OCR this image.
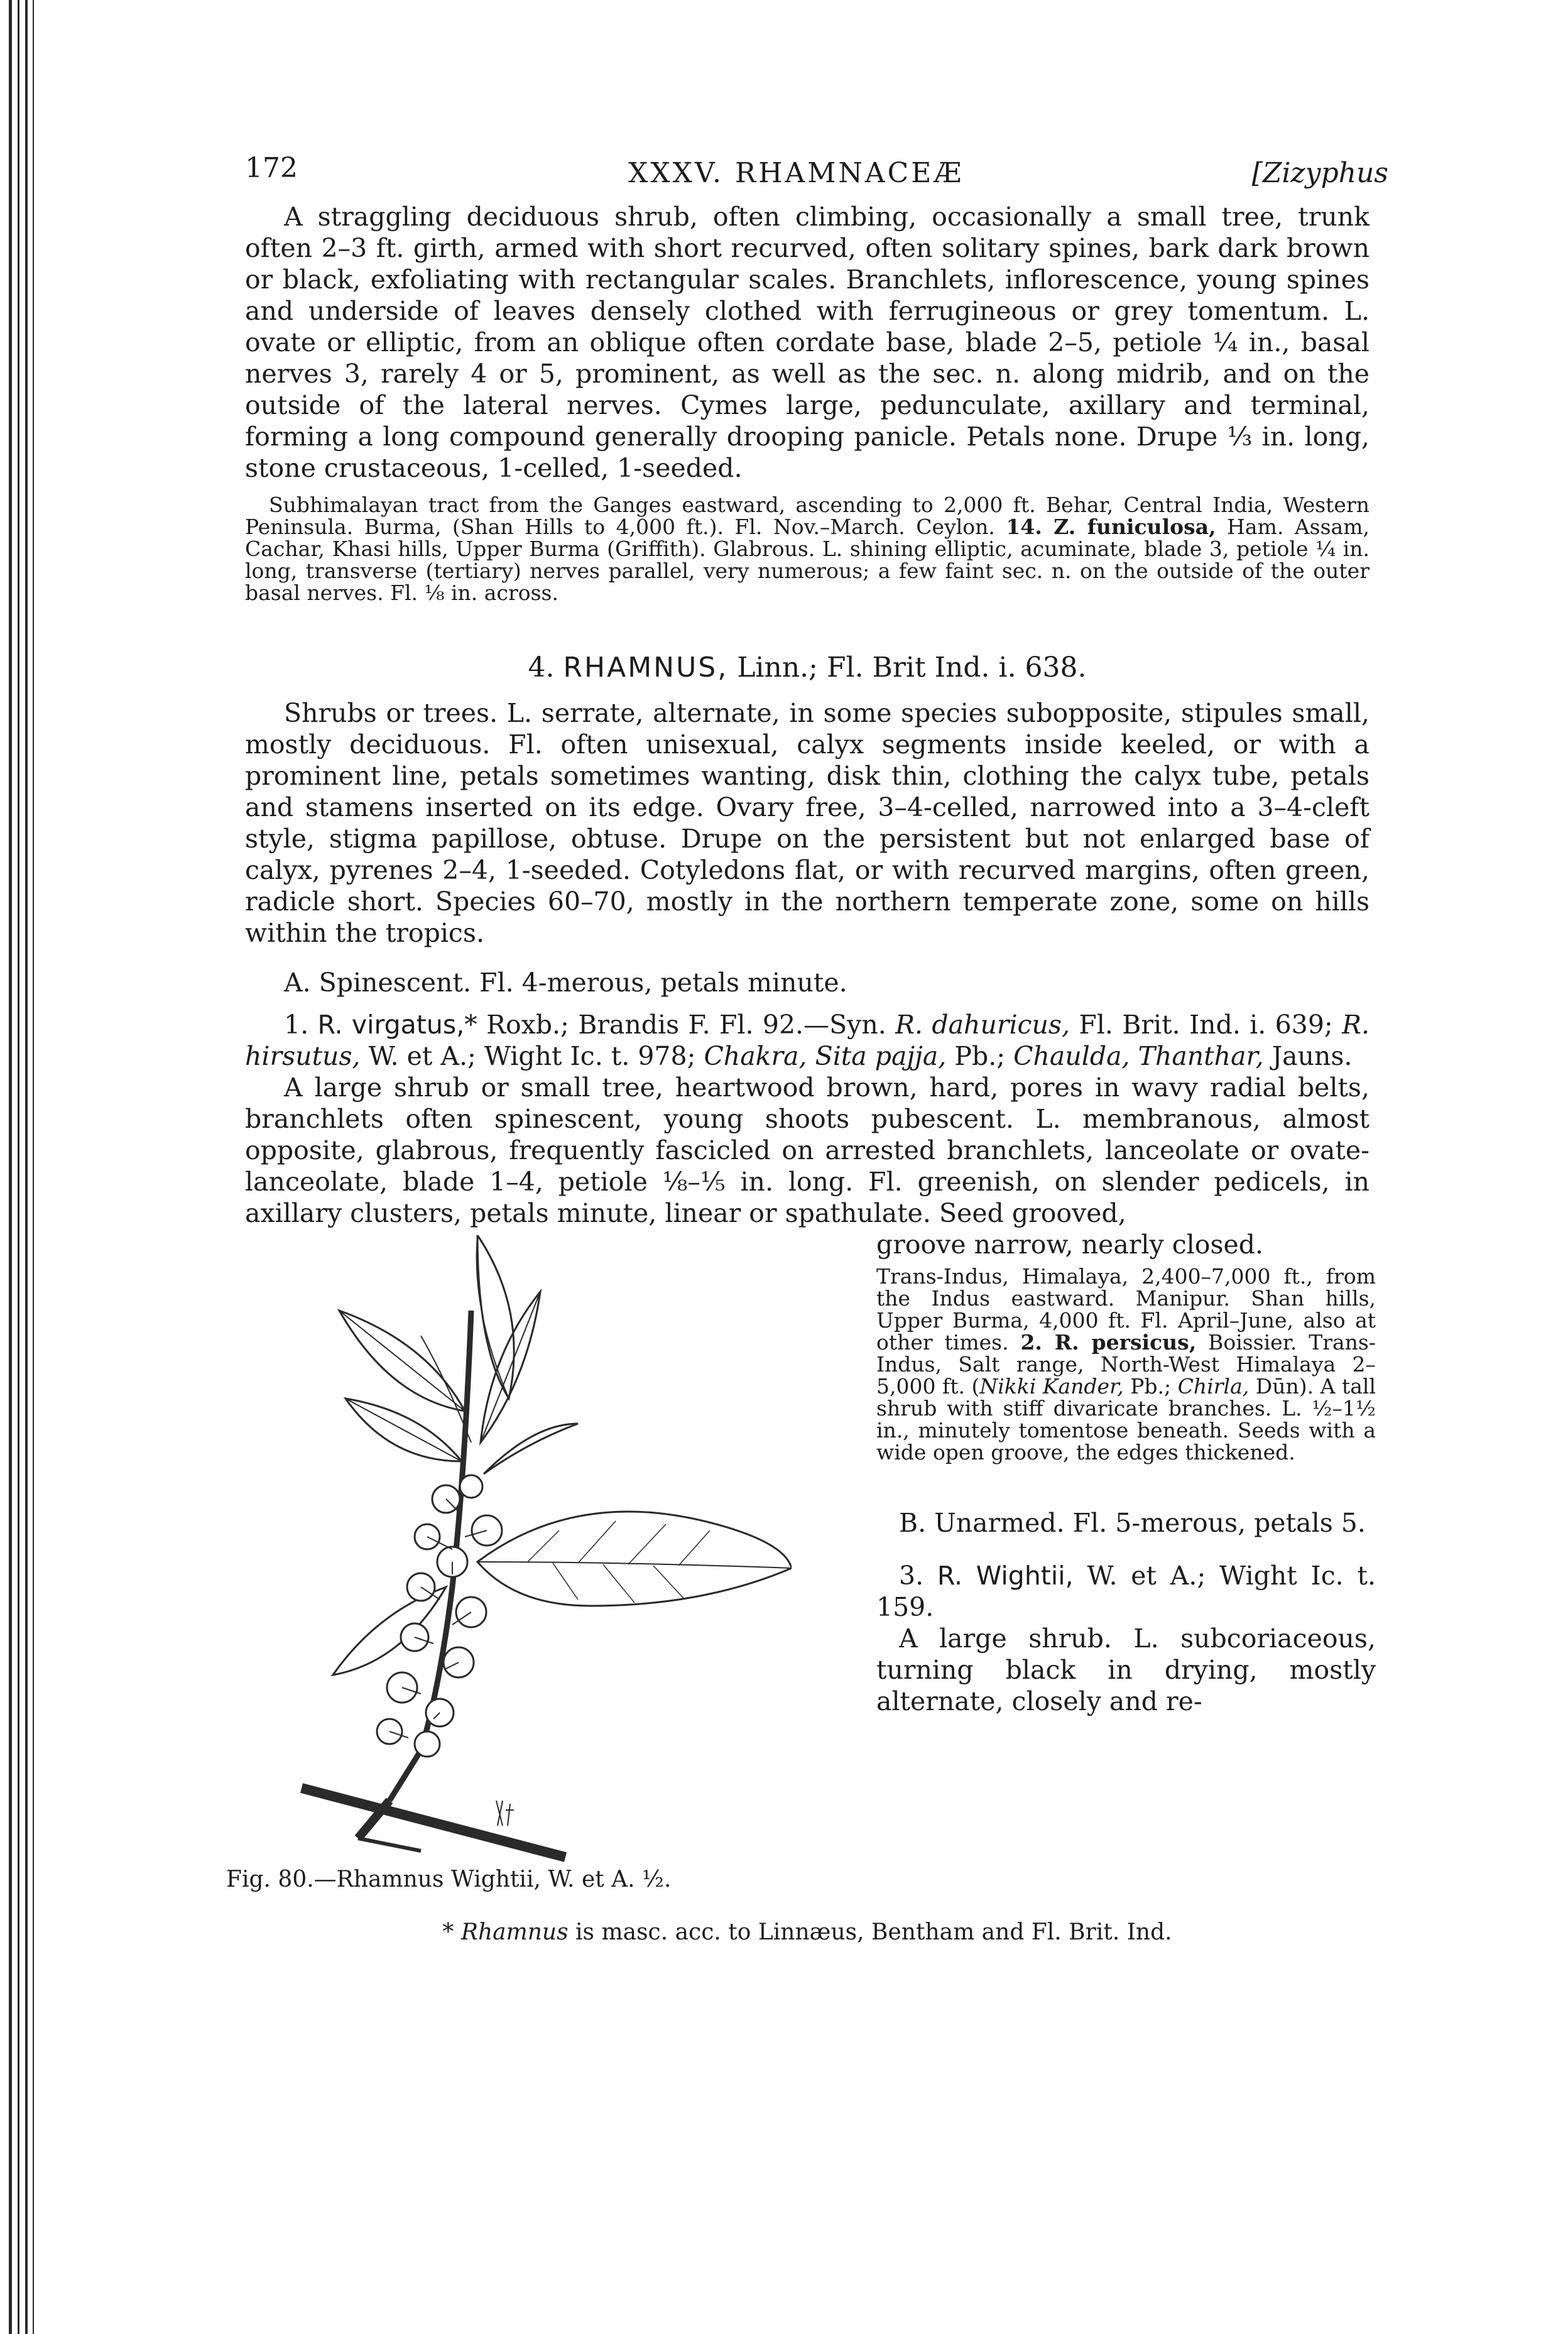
172	XXXV. RHAMNACEÆ	[Zizyphus

A straggling deciduous shrub, often climbing, occasionally a small tree, trunk often 2–3 ft. girth, armed with short recurved, often solitary spines, bark dark brown or black, exfoliating with rectangular scales. Branchlets, inflorescence, young spines and underside of leaves densely clothed with ferrugineous or grey tomentum. L. ovate or elliptic, from an oblique often cordate base, blade 2–5, petiole ¼ in., basal nerves 3, rarely 4 or 5, prominent, as well as the sec. n. along midrib, and on the outside of the lateral nerves. Cymes large, pedunculate, axillary and terminal, forming a long compound generally drooping panicle. Petals none. Drupe ⅓ in. long, stone crustaceous, 1-celled, 1-seeded.

Subhimalayan tract from the Ganges eastward, ascending to 2,000 ft. Behar, Central India, Western Peninsula. Burma, (Shan Hills to 4,000 ft.). Fl. Nov.–March. Ceylon. 14. Z. funiculosa, Ham. Assam, Cachar, Khasi hills, Upper Burma (Griffith). Glabrous. L. shining elliptic, acuminate, blade 3, petiole ¼ in. long, transverse (tertiary) nerves parallel, very numerous; a few faint sec. n. on the outside of the outer basal nerves. Fl. ⅛ in. across.

4. RHAMNUS, Linn.; Fl. Brit Ind. i. 638.

Shrubs or trees. L. serrate, alternate, in some species subopposite, stipules small, mostly deciduous. Fl. often unisexual, calyx segments inside keeled, or with a prominent line, petals sometimes wanting, disk thin, clothing the calyx tube, petals and stamens inserted on its edge. Ovary free, 3–4-celled, narrowed into a 3–4-cleft style, stigma papillose, obtuse. Drupe on the persistent but not enlarged base of calyx, pyrenes 2–4, 1-seeded. Cotyledons flat, or with recurved margins, often green, radicle short. Species 60–70, mostly in the northern temperate zone, some on hills within the tropics.

A. Spinescent. Fl. 4-merous, petals minute.

1. R. virgatus,* Roxb.; Brandis F. Fl. 92.—Syn. R. dahuricus, Fl. Brit. Ind. i. 639; R. hirsutus, W. et A.; Wight Ic. t. 978; Chakra, Sita pajja, Pb.; Chaulda, Thanthar, Jauns.

A large shrub or small tree, heartwood brown, hard, pores in wavy radial belts, branchlets often spinescent, young shoots pubescent. L. membranous, almost opposite, glabrous, frequently fascicled on arrested branchlets, lanceolate or ovate-lanceolate, blade 1–4, petiole ⅛–⅕ in. long. Fl. greenish, on slender pedicels, in axillary clusters, petals minute, linear or spathulate. Seed grooved,

Fig. 80.—Rhamnus Wightii, W. et A. ½.

groove narrow, nearly closed.

Trans-Indus, Himalaya, 2,400–7,000 ft., from the Indus eastward. Manipur. Shan hills, Upper Burma, 4,000 ft. Fl. April–June, also at other times. 2. R. persicus, Boissier. Trans-Indus, Salt range, North-West Himalaya 2–5,000 ft. (Nikki Kander, Pb.; Chirla, Dūn). A tall shrub with stiff divaricate branches. L. ½–1½ in., minutely tomentose beneath. Seeds with a wide open groove, the edges thickened.

B. Unarmed. Fl. 5-merous, petals 5.

3. R. Wightii, W. et A.; Wight Ic. t. 159.

A large shrub. L. subcoriaceous, turning black in drying, mostly alternate, closely and re-

* Rhamnus is masc. acc. to Linnæus, Bentham and Fl. Brit. Ind.
